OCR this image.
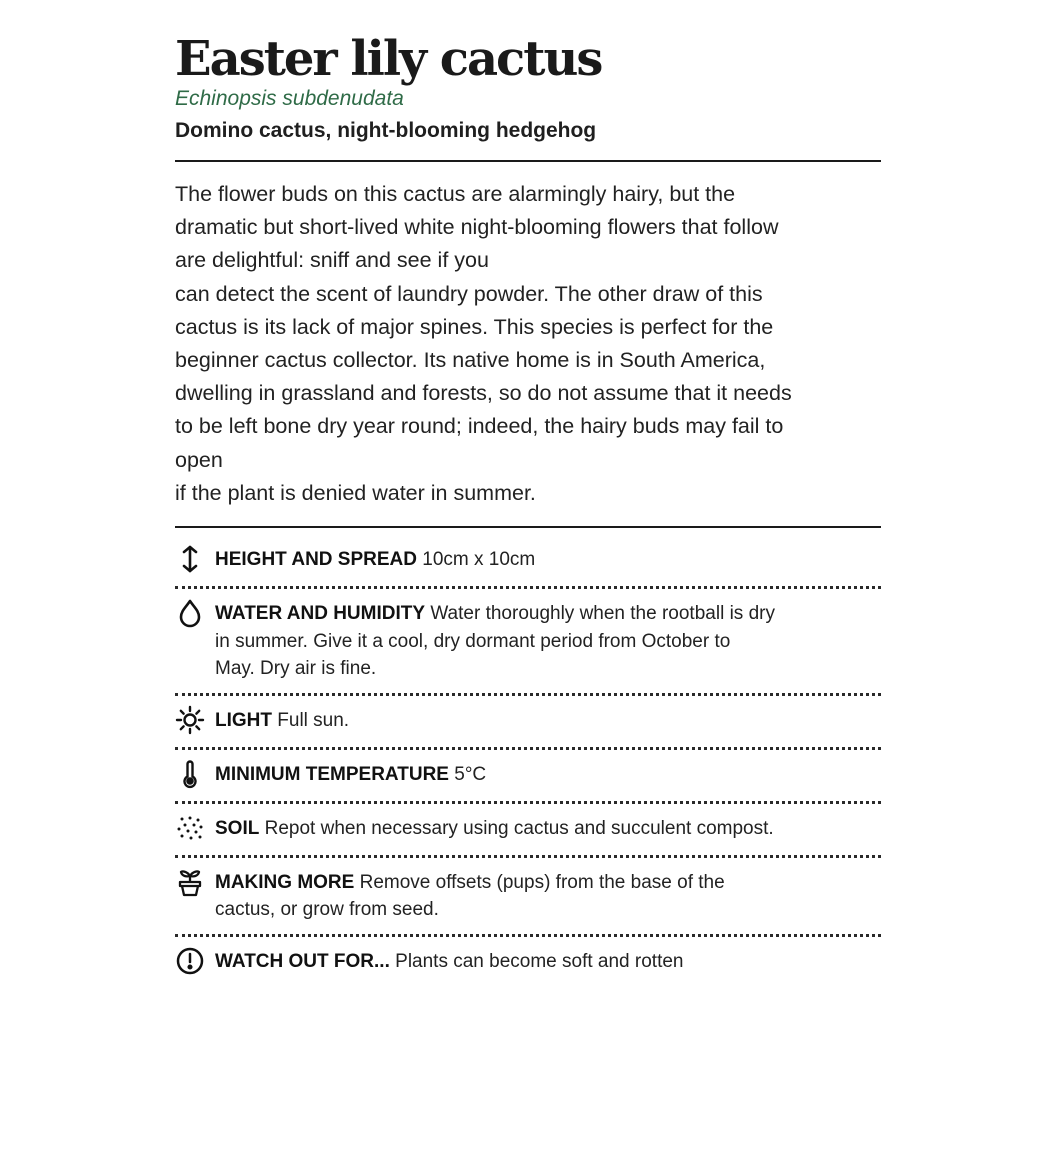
Easter lily cactus
Echinopsis subdenudata
Domino cactus, night-blooming hedgehog

The flower buds on this cactus are alarmingly hairy, but the
dramatic but short-lived white night-blooming flowers that follow
are delightful: sniff and see if you
can detect the scent of laundry powder. The other draw of this
cactus is its lack of major spines. This species is perfect for the
beginner cactus collector. Its native home is in South America,
dwelling in grassland and forests, so do not assume that it needs
to be left bone dry year round; indeed, the hairy buds may fail to
open
if the plant is denied water in summer.

HEIGHT AND SPREAD 10cm x 10cm
WATER AND HUMIDITY Water thoroughly when the rootball is dry in summer. Give it a cool, dry dormant period from October to May. Dry air is fine.
LIGHT Full sun.
MINIMUM TEMPERATURE 5°C
SOIL Repot when necessary using cactus and succulent compost.
MAKING MORE Remove offsets (pups) from the base of the cactus, or grow from seed.
WATCH OUT FOR... Plants can become soft and rotten
